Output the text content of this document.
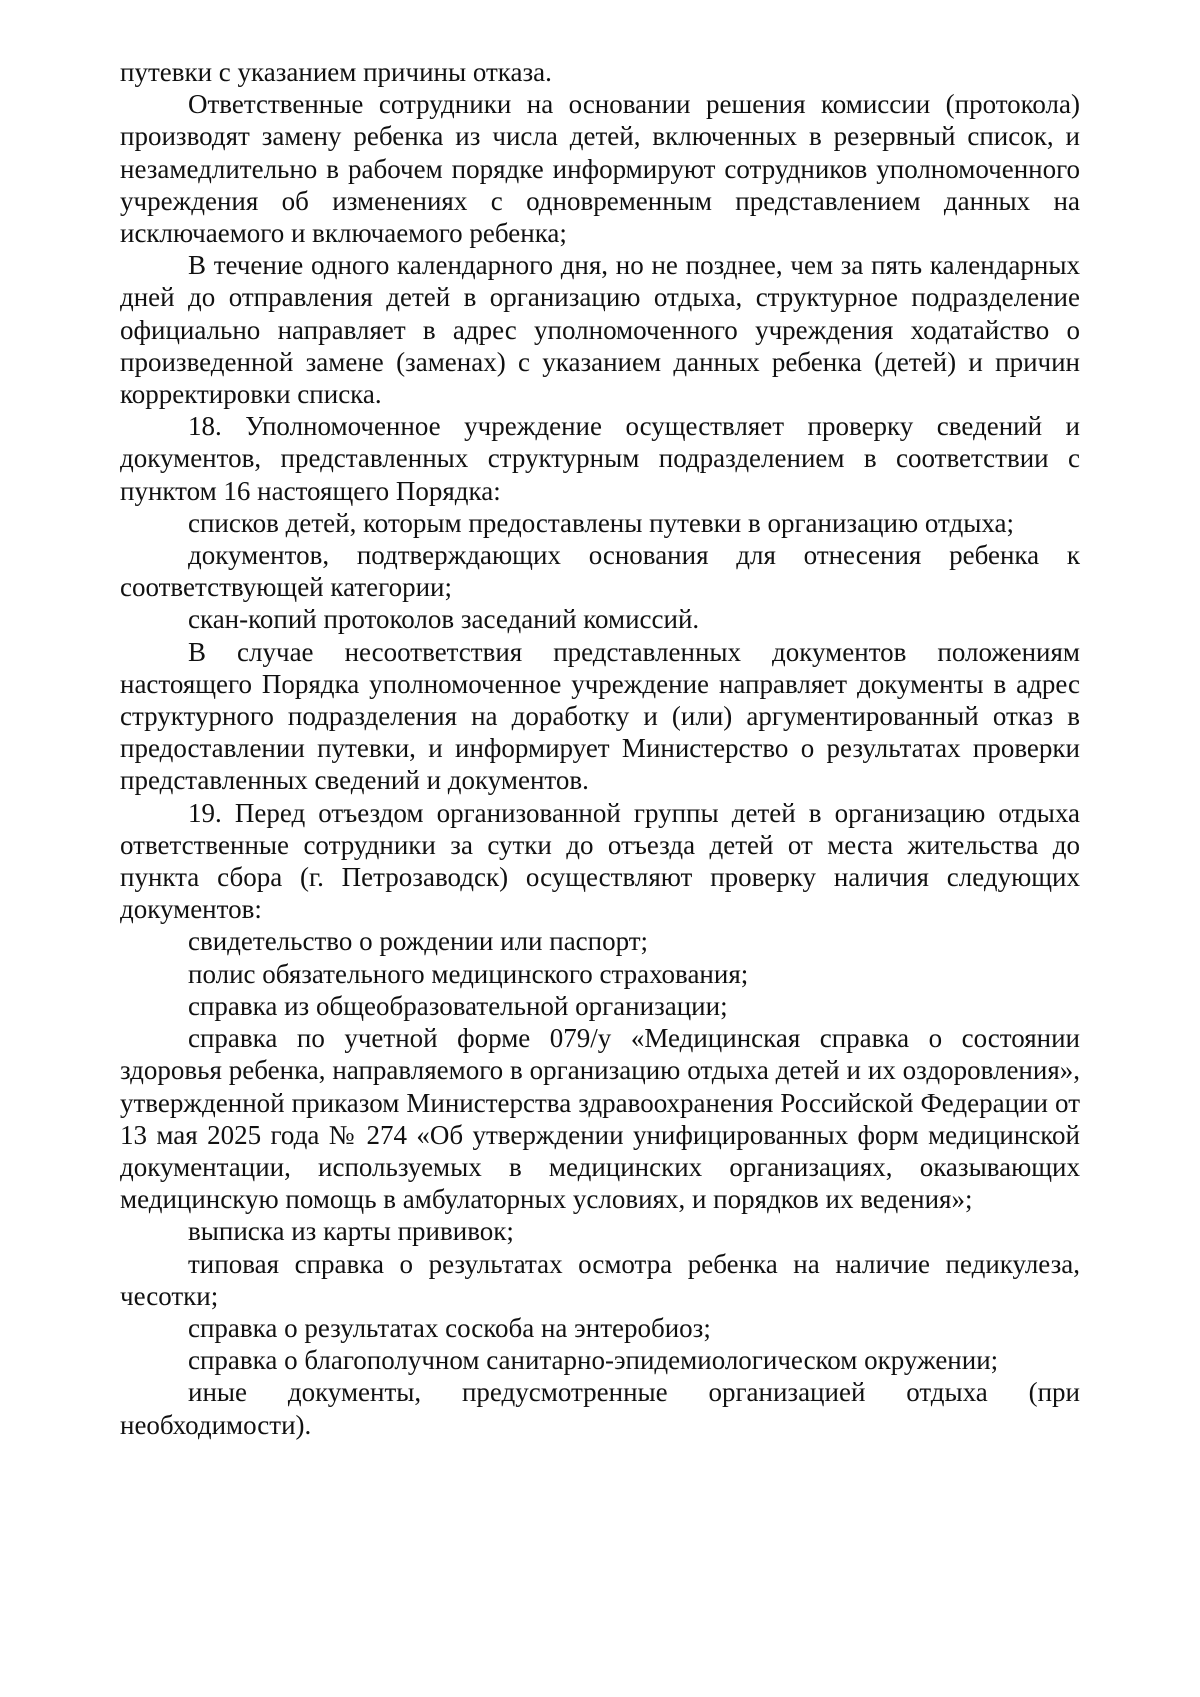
путевки с указанием причины отказа.

Ответственные сотрудники на основании решения комиссии (протокола) производят замену ребенка из числа детей, включенных в резервный список, и незамедлительно в рабочем порядке информируют сотрудников уполномоченного учреждения об изменениях с одновременным представлением данных на исключаемого и включаемого ребенка;

В течение одного календарного дня, но не позднее, чем за пять календарных дней до отправления детей в организацию отдыха, структурное подразделение официально направляет в адрес уполномоченного учреждения ходатайство о произведенной замене (заменах) с указанием данных ребенка (детей) и причин корректировки списка.

18. Уполномоченное учреждение осуществляет проверку сведений и документов, представленных структурным подразделением в соответствии с пунктом 16 настоящего Порядка:

списков детей, которым предоставлены путевки в организацию отдыха;

документов, подтверждающих основания для отнесения ребенка к соответствующей категории;

скан-копий протоколов заседаний комиссий.

В случае несоответствия представленных документов положениям настоящего Порядка уполномоченное учреждение направляет документы в адрес структурного подразделения на доработку и (или) аргументированный отказ в предоставлении путевки, и информирует Министерство о результатах проверки представленных сведений и документов.

19. Перед отъездом организованной группы детей в организацию отдыха ответственные сотрудники за сутки до отъезда детей от места жительства до пункта сбора (г. Петрозаводск) осуществляют проверку наличия следующих документов:

свидетельство о рождении или паспорт;

полис обязательного медицинского страхования;

справка из общеобразовательной организации;

справка по учетной форме 079/у «Медицинская справка о состоянии здоровья ребенка, направляемого в организацию отдыха детей и их оздоровления», утвержденной приказом Министерства здравоохранения Российской Федерации от 13 мая 2025 года № 274 «Об утверждении унифицированных форм медицинской документации, используемых в медицинских организациях, оказывающих медицинскую помощь в амбулаторных условиях, и порядков их ведения»;

выписка из карты прививок;

типовая справка о результатах осмотра ребенка на наличие педикулеза, чесотки;

справка о результатах соскоба на энтеробиоз;

справка о благополучном санитарно-эпидемиологическом окружении;

иные документы, предусмотренные организацией отдыха (при необходимости).
